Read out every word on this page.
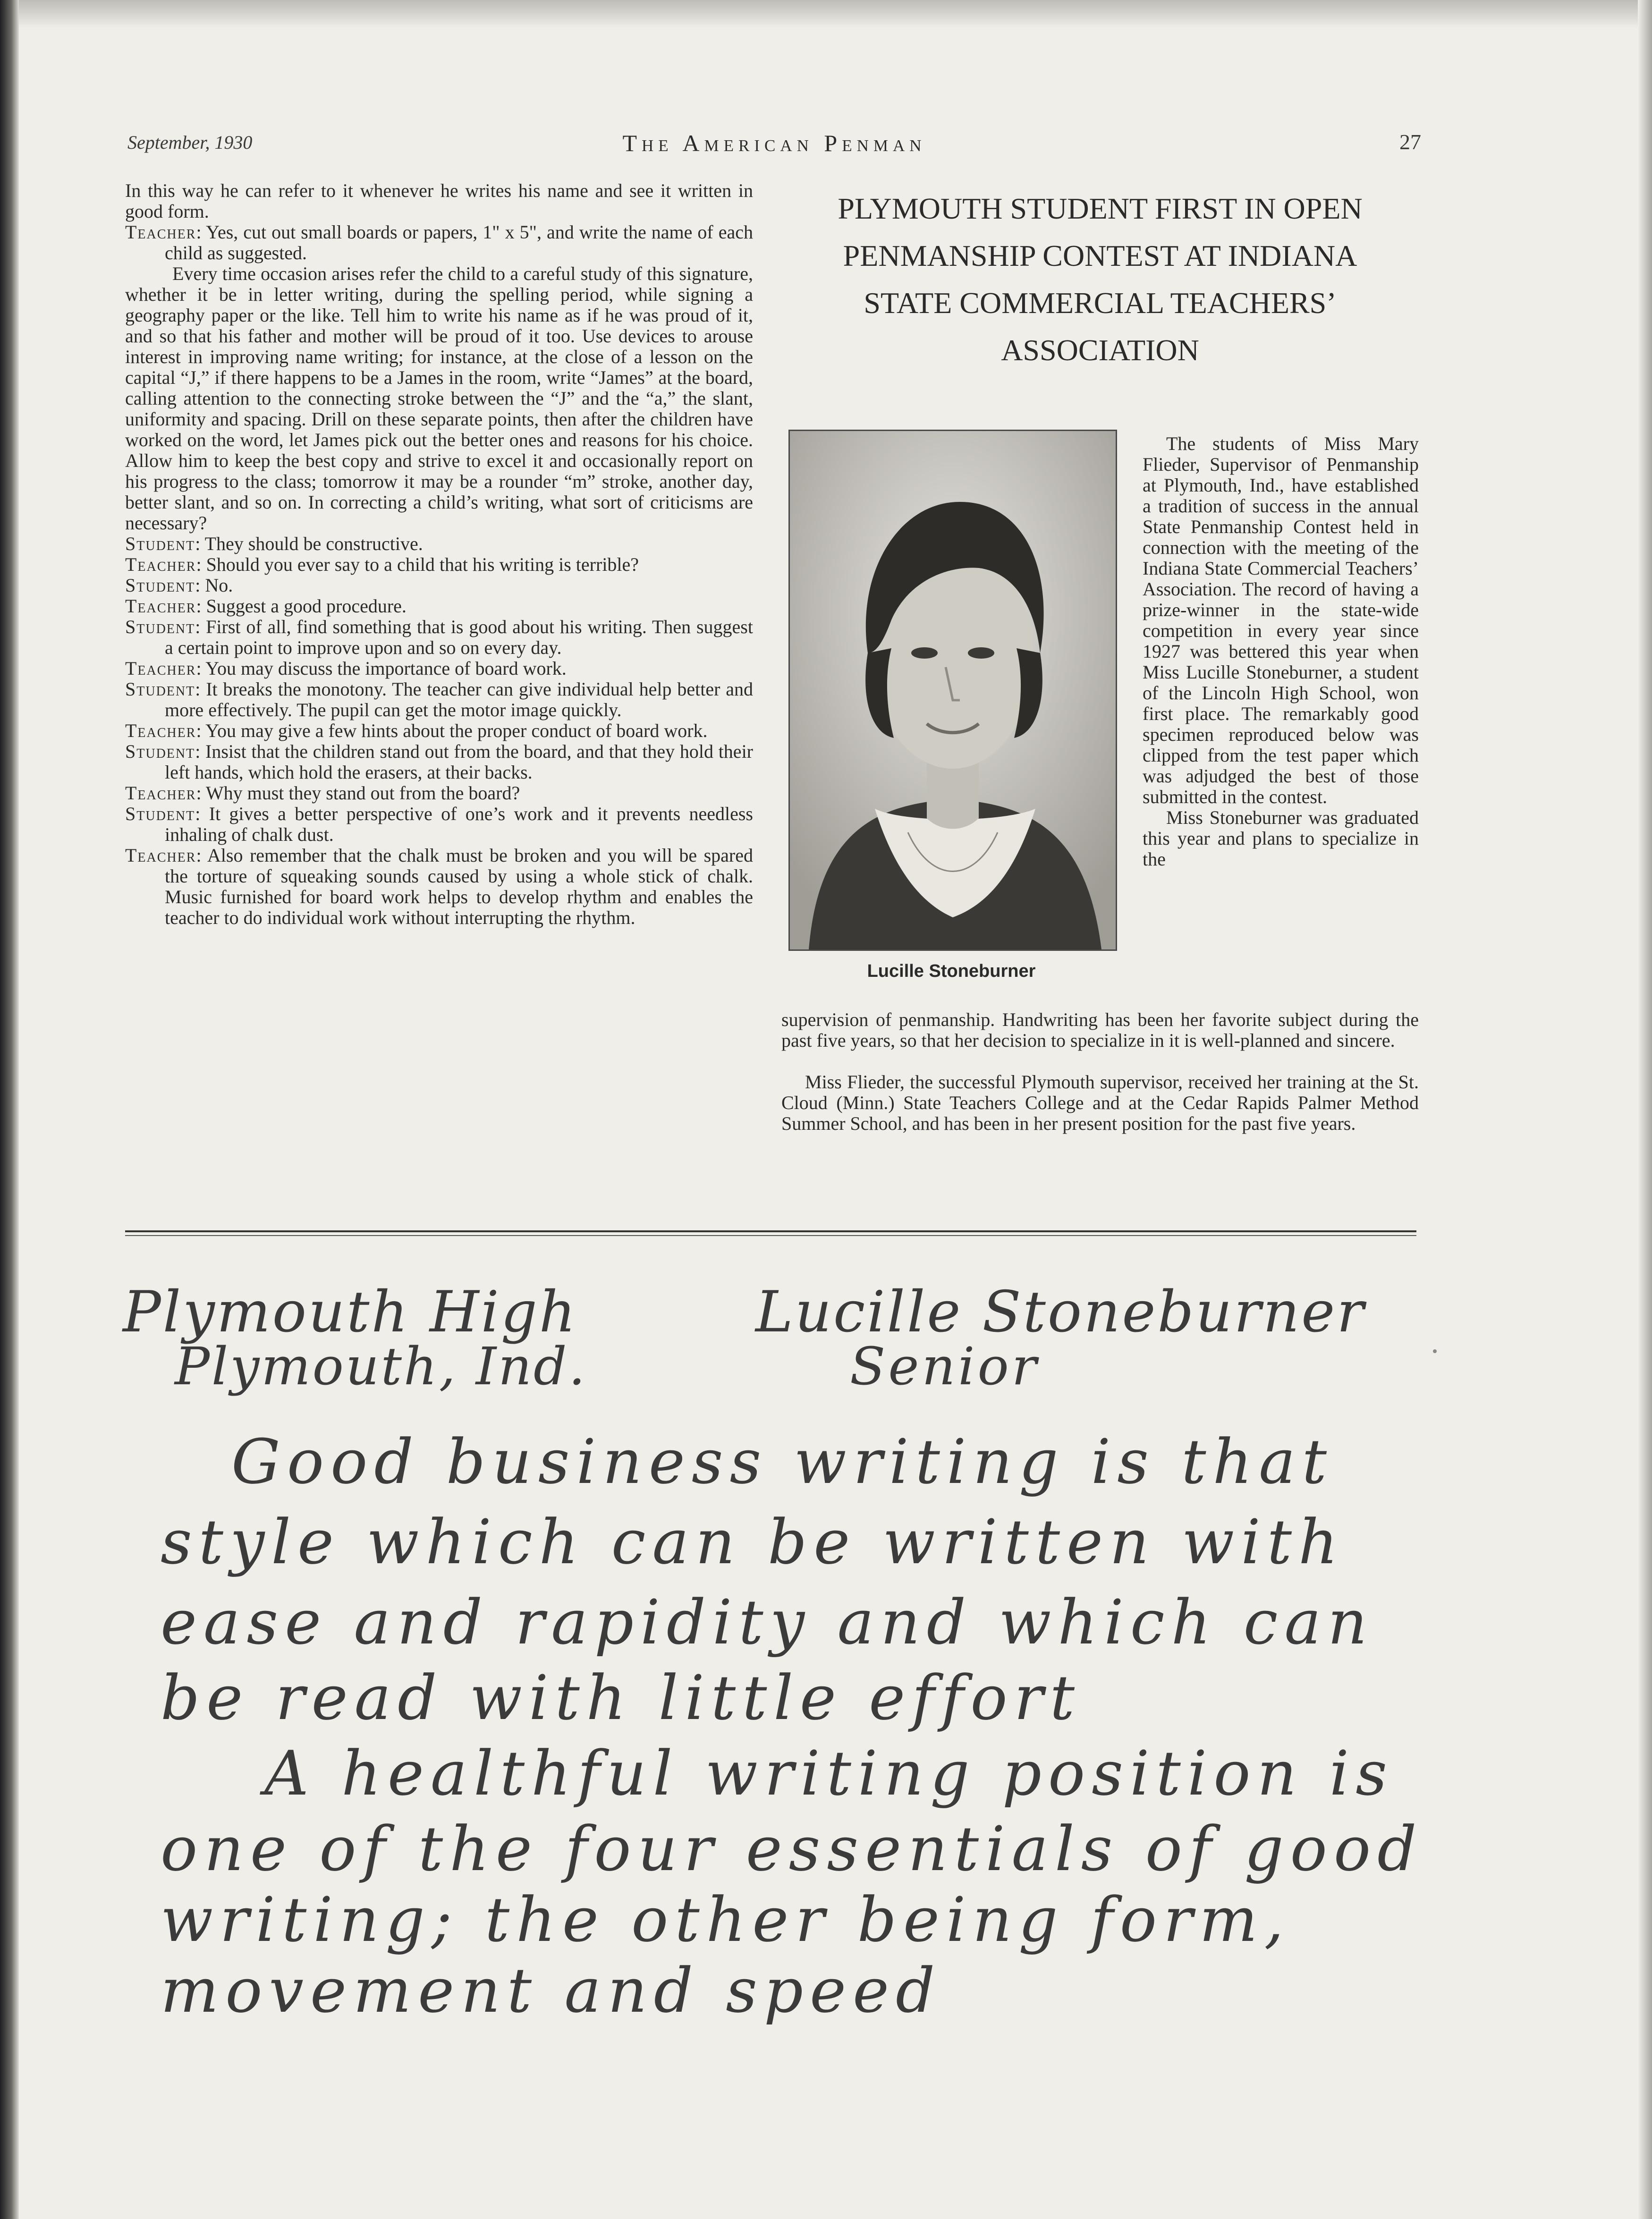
September, 1930	The American Penman	27

In this way he can refer to it whenever he writes his name and see it written in good form.

Teacher: Yes, cut out small boards or papers, 1" x 5", and write the name of each child as suggested.

Every time occasion arises refer the child to a careful study of this signature, whether it be in letter writing, during the spelling period, while signing a geography paper or the like. Tell him to write his name as if he was proud of it, and so that his father and mother will be proud of it too. Use devices to arouse interest in improving name writing; for instance, at the close of a lesson on the capital “J,” if there happens to be a James in the room, write “James” at the board, calling attention to the connecting stroke between the “J” and the “a,” the slant, uniformity and spacing. Drill on these separate points, then after the children have worked on the word, let James pick out the better ones and reasons for his choice. Allow him to keep the best copy and strive to excel it and occasionally report on his progress to the class; tomorrow it may be a rounder “m” stroke, another day, better slant, and so on. In correcting a child’s writing, what sort of criticisms are necessary?

Student: They should be constructive.

Teacher: Should you ever say to a child that his writing is terrible?

Student: No.

Teacher: Suggest a good procedure.

Student: First of all, find something that is good about his writing. Then suggest a certain point to improve upon and so on every day.

Teacher: You may discuss the importance of board work.

Student: It breaks the monotony. The teacher can give individual help better and more effectively. The pupil can get the motor image quickly.

Teacher: You may give a few hints about the proper conduct of board work.

Student: Insist that the children stand out from the board, and that they hold their left hands, which hold the erasers, at their backs.

Teacher: Why must they stand out from the board?

Student: It gives a better perspective of one’s work and it prevents needless inhaling of chalk dust.

Teacher: Also remember that the chalk must be broken and you will be spared the torture of squeaking sounds caused by using a whole stick of chalk. Music furnished for board work helps to develop rhythm and enables the teacher to do individual work without interrupting the rhythm.

PLYMOUTH STUDENT FIRST IN OPEN
PENMANSHIP CONTEST AT INDIANA
STATE COMMERCIAL TEACHERS’
ASSOCIATION
Lucille Stoneburner

The students of Miss Mary Flieder, Supervisor of Penmanship at Plymouth, Ind., have established a tradition of success in the annual State Penmanship Contest held in connection with the meeting of the Indiana State Commercial Teachers’ Association. The record of having a prize-winner in the state-wide competition in every year since 1927 was bettered this year when Miss Lucille Stoneburner, a student of the Lincoln High School, won first place. The remarkably good specimen reproduced below was clipped from the test paper which was adjudged the best of those submitted in the contest.

Miss Stoneburner was graduated this year and plans to specialize in the

supervision of penmanship. Handwriting has been her favorite subject during the past five years, so that her decision to specialize in it is well-planned and sincere.

Miss Flieder, the successful Plymouth supervisor, received her training at the St. Cloud (Minn.) State Teachers College and at the Cedar Rapids Palmer Method Summer School, and has been in her present position for the past five years.

Plymouth High
Plymouth, Ind.
Lucille Stoneburner
Senior
Good business writing is that
style which can be written with
ease and rapidity and which can
be read with little effort
A healthful writing position is
one of the four essentials of good
writing; the other being form,
movement and speed
